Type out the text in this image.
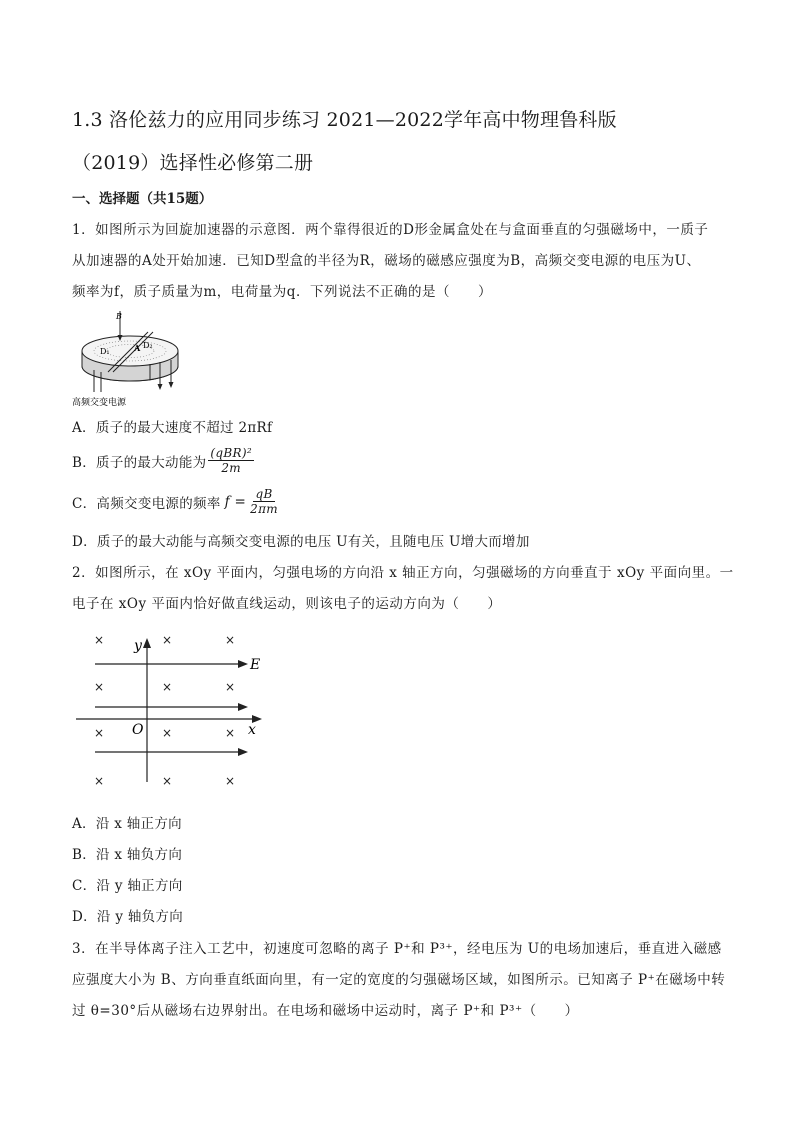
1.3 洛伦兹力的应用同步练习 2021—2022学年高中物理鲁科版
（2019）选择性必修第二册
一、选择题（共15题）
1．如图所示为回旋加速器的示意图．两个靠得很近的D形金属盒处在与盒面垂直的匀强磁场中，一质子
从加速器的A处开始加速．已知D型盒的半径为R，磁场的磁感应强度为B，高频交变电源的电压为U、
频率为f，质子质量为m，电荷量为q．下列说法不正确的是（　　）
B
D₁	A D₂
高频交变电源
A．质子的最大速度不超过 2πRf
B．质子的最大动能为 $\frac{\text{(qBR)²}}{2m}$
C．高频交变电源的频率 $f = \frac{qB}{2\pi m}$
D．质子的最大动能与高频交变电源的电压 U有关，且随电压 U增大而增加
2．如图所示，在 xOy 平面内，匀强电场的方向沿 x 轴正方向，匀强磁场的方向垂直于 xOy 平面向里。一
电子在 xOy 平面内恰好做直线运动，则该电子的运动方向为（　　）
×	×	×
×	×	×
×	×	×
×	×	×
y
x
O
E
A．沿 x 轴正方向
B．沿 x 轴负方向
C．沿 y 轴正方向
D．沿 y 轴负方向
3．在半导体离子注入工艺中，初速度可忽略的离子 P⁺和 P³⁺，经电压为 U的电场加速后，垂直进入磁感
应强度大小为 B、方向垂直纸面向里，有一定的宽度的匀强磁场区域，如图所示。已知离子 P⁺在磁场中转
过 θ=30°后从磁场右边界射出。在电场和磁场中运动时，离子 P⁺和 P³⁺（　　）
